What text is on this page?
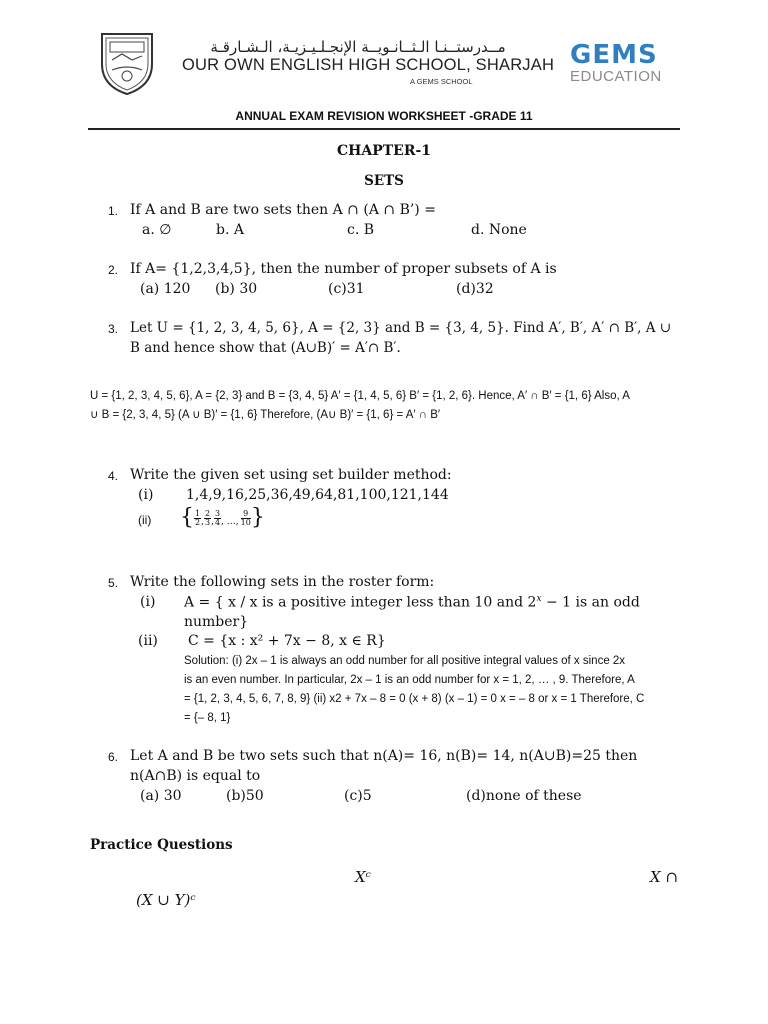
مــدرستــنـا الـثــانـويــة الإنجـلـيـزيـة، الـشـارقـة
OUR OWN ENGLISH HIGH SCHOOL, SHARJAH
A GEMS SCHOOL
GEMS
EDUCATION
ANNUAL EXAM REVISION WORKSHEET -GRADE 11
CHAPTER-1
SETS
1. If A and B are two sets then A ∩ (A ∩ B’) =
a. ∅	b. A	c. B	d. None
2. If A= {1,2,3,4,5}, then the number of proper subsets of A is
(a) 120 (b) 30	(c)31	(d)32
3. Let U = {1, 2, 3, 4, 5, 6}, A = {2, 3} and B = {3, 4, 5}. Find A′, B′, A′ ∩ B′, A ∪
B and hence show that (A∪B)′ = A′∩ B′.
U = {1, 2, 3, 4, 5, 6}, A = {2, 3} and B = {3, 4, 5} A′ = {1, 4, 5, 6} B′ = {1, 2, 6}. Hence, A′ ∩ B′ = {1, 6} Also, A
∪ B = {2, 3, 4, 5} (A ∪ B)′ = {1, 6} Therefore, (A∪ B)′ = {1, 6} = A′ ∩ B′
4. Write the given set using set builder method:
(i) 1,4,9,16,25,36,49,64,81,100,121,144
(ii) { $\frac{1}{2}$ , $\frac{2}{3}$ , $\frac{3}{4}$ , …, $\frac{9}{10}$ }
5. Write the following sets in the roster form:
(i) A = { x / x is a positive integer less than 10 and $2^x - 1$ is an odd
number}
(ii) C = {x : x² + 7x − 8, x ∈ R}
Solution: (i) 2x – 1 is always an odd number for all positive integral values of x since 2x
is an even number. In particular, 2x – 1 is an odd number for x = 1, 2, … , 9. Therefore, A
= {1, 2, 3, 4, 5, 6, 7, 8, 9} (ii) x2 + 7x – 8 = 0 (x + 8) (x – 1) = 0 x = – 8 or x = 1 Therefore, C
= {– 8, 1}
6. Let A and B be two sets such that n(A)= 16, n(B)= 14, n(A∪B)=25 then
n(A∩B) is equal to
(a) 30	(b)50	(c)5	(d)none of these
Practice Questions
Xᶜ	X ∩
(X ∪ Y)ᶜ
